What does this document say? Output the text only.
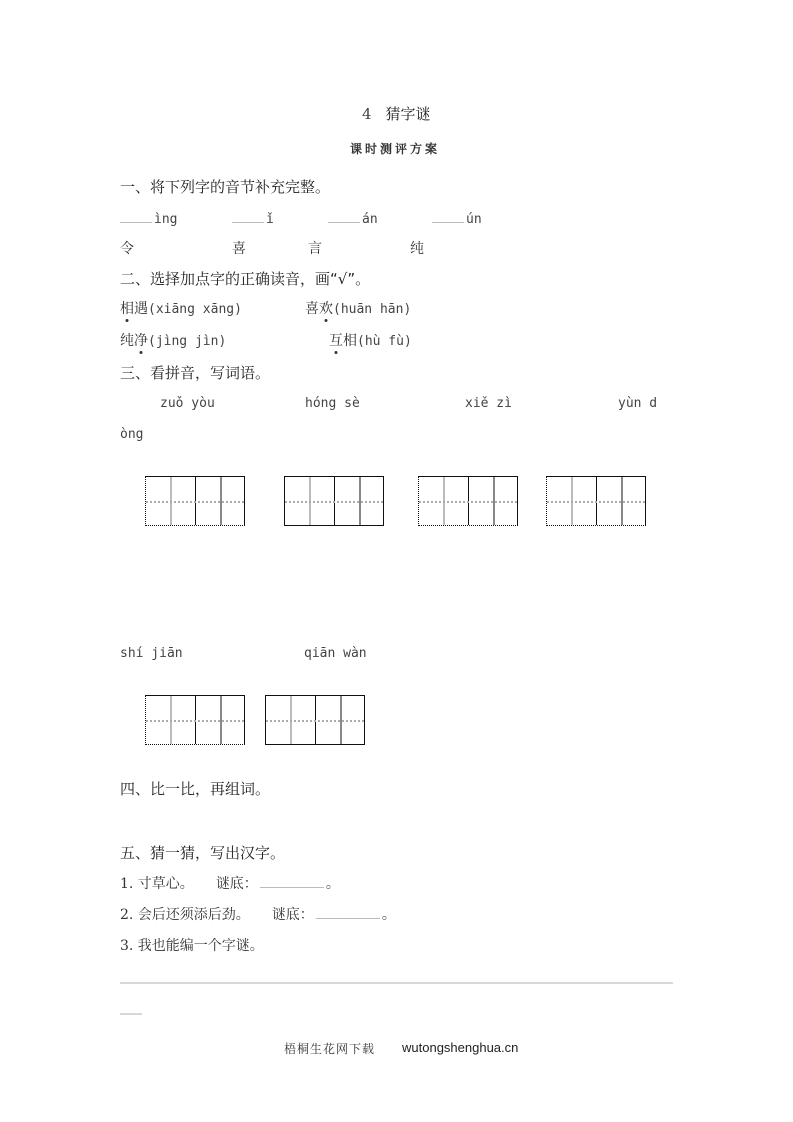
4 猜字谜
课时测评方案
一、将下列字的音节补充完整。
ìng	ǐ	án	ún
令	喜	言	纯
二、选择加点字的正确读音，画“√”。
相遇(xiāng xāng)	喜欢(huān hān)
纯净(jìng jìn)	互相(hù fù)
三、看拼音，写词语。
zuǒ yòu	hóng sè	xiě zì	yùn d
òng
shí jiān	qiān wàn
四、比一比，再组词。
五、猜一猜，写出汉字。
1. 寸草心。 谜底：	。
2. 会后还须添后劲。 谜底：	。
3. 我也能编一个字谜。
梧桐生花网下载 wutongshenghua.cn
